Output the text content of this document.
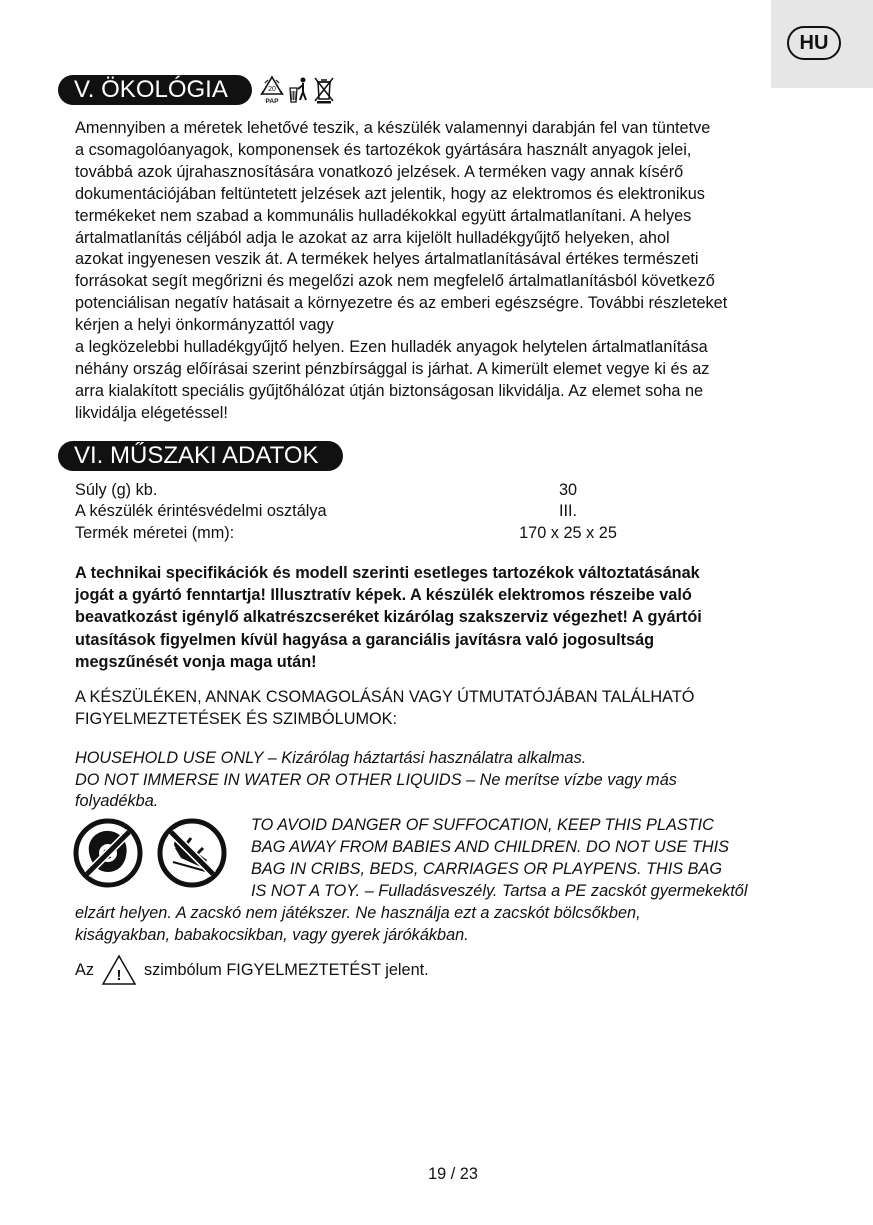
HU
V. ÖKOLÓGIA	20
PAP

Amennyiben a méretek lehetővé teszik, a készülék valamennyi darabján fel van tüntetve
a csomagolóanyagok, komponensek és tartozékok gyártására használt anyagok jelei,
továbbá azok újrahasznosítására vonatkozó jelzések. A terméken vagy annak kísérő
dokumentációjában feltüntetett jelzések azt jelentik, hogy az elektromos és elektronikus
termékeket nem szabad a kommunális hulladékokkal együtt ártalmatlanítani. A helyes
ártalmatlanítás céljából adja le azokat az arra kijelölt hulladékgyűjtő helyeken, ahol
azokat ingyenesen veszik át. A termékek helyes ártalmatlanításával értékes természeti
forrásokat segít megőrizni és megelőzi azok nem megfelelő ártalmatlanításból következő
potenciálisan negatív hatásait a környezetre és az emberi egészségre. További részleteket
kérjen a helyi önkormányzattól vagy
a legközelebbi hulladékgyűjtő helyen. Ezen hulladék anyagok helytelen ártalmatlanítása
néhány ország előírásai szerint pénzbírsággal is járhat. A kimerült elemet vegye ki és az
arra kialakított speciális gyűjtőhálózat útján biztonságosan likvidálja. Az elemet soha ne
likvidálja elégetéssel!

VI. MŰSZAKI ADATOK
Súly (g) kb.	30
A készülék érintésvédelmi osztálya	III.
Termék méretei (mm):	170 x 25 x 25

A technikai specifikációk és modell szerinti esetleges tartozékok változtatásának
jogát a gyártó fenntartja! Illusztratív képek. A készülék elektromos részeibe való
beavatkozást igénylő alkatrészcseréket kizárólag szakszerviz végezhet! A gyártói
utasítások figyelmen kívül hagyása a garanciális javításra való jogosultság
megszűnését vonja maga után!

A KÉSZÜLÉKEN, ANNAK CSOMAGOLÁSÁN VAGY ÚTMUTATÓJÁBAN TALÁLHATÓ
FIGYELMEZTETÉSEK ÉS SZIMBÓLUMOK:

HOUSEHOLD USE ONLY – Kizárólag háztartási használatra alkalmas.
DO NOT IMMERSE IN WATER OR OTHER LIQUIDS – Ne merítse vízbe vagy más
folyadékba.

TO AVOID DANGER OF SUFFOCATION, KEEP THIS PLASTIC
BAG AWAY FROM BABIES AND CHILDREN. DO NOT USE THIS
BAG IN CRIBS, BEDS, CARRIAGES OR PLAYPENS. THIS BAG
IS NOT A TOY. – Fulladásveszély. Tartsa a PE zacskót gyermekektől

elzárt helyen. A zacskó nem játékszer. Ne használja ezt a zacskót bölcsőkben,
kiságyakban, babakocsikban, vagy gyerek járókákban.

Az ! szimbólum FIGYELMEZTETÉST jelent.
19 / 23
